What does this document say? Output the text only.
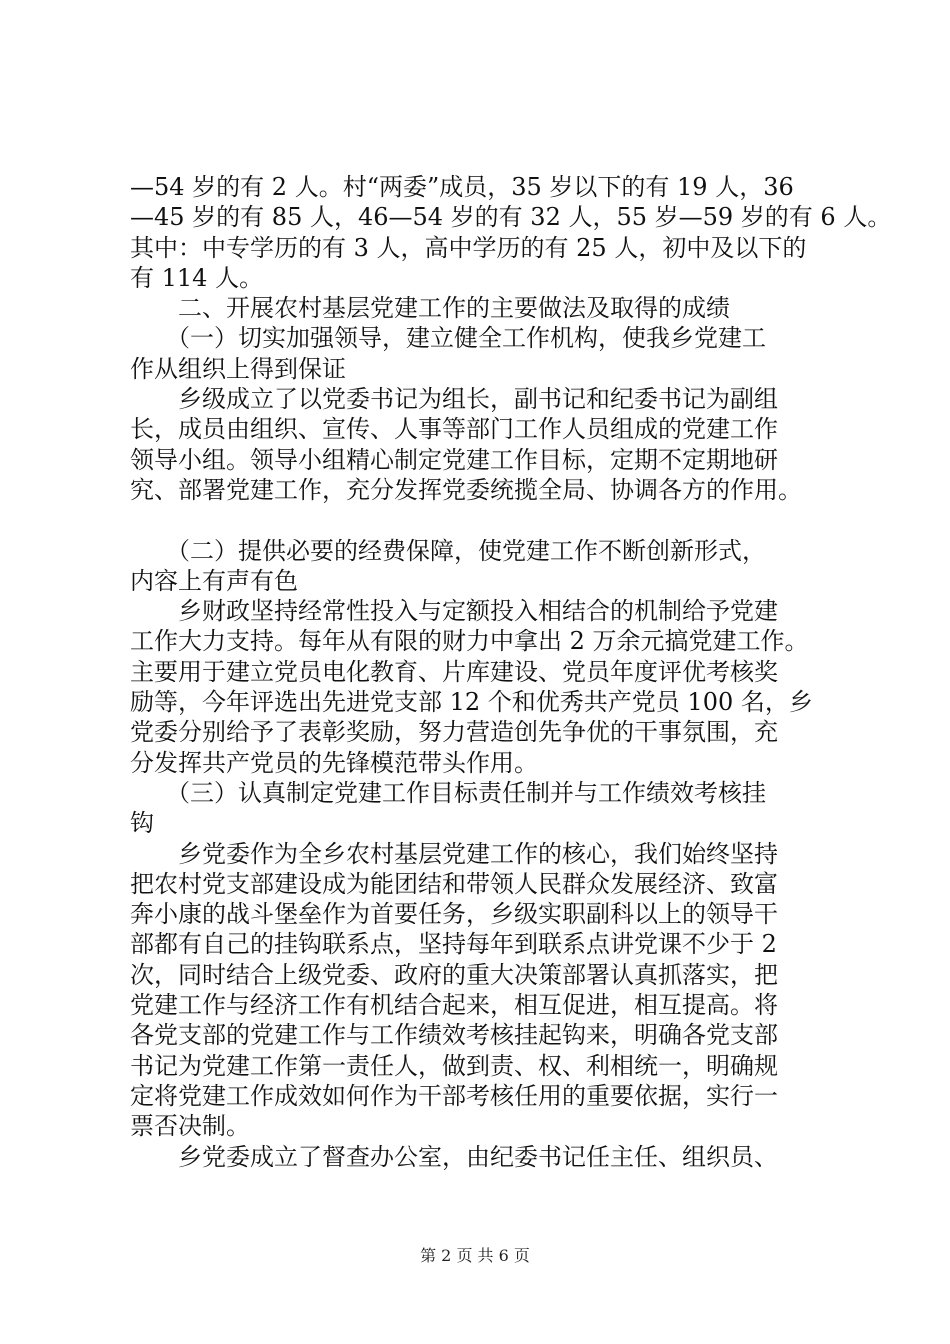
—54 岁的有 2 人。村“两委”成员，35 岁以下的有 19 人，36
—45 岁的有 85 人，46—54 岁的有 32 人，55 岁—59 岁的有 6 人。
其中：中专学历的有 3 人，高中学历的有 25 人，初中及以下的
有 114 人。
　　二、开展农村基层党建工作的主要做法及取得的成绩
　　（一）切实加强领导，建立健全工作机构，使我乡党建工
作从组织上得到保证
　　乡级成立了以党委书记为组长，副书记和纪委书记为副组
长，成员由组织、宣传、人事等部门工作人员组成的党建工作
领导小组。领导小组精心制定党建工作目标，定期不定期地研
究、部署党建工作，充分发挥党委统揽全局、协调各方的作用。
　　（二）提供必要的经费保障，使党建工作不断创新形式，
内容上有声有色
　　乡财政坚持经常性投入与定额投入相结合的机制给予党建
工作大力支持。每年从有限的财力中拿出 2 万余元搞党建工作。
主要用于建立党员电化教育、片库建设、党员年度评优考核奖
励等，今年评选出先进党支部 12 个和优秀共产党员 100 名，乡
党委分别给予了表彰奖励，努力营造创先争优的干事氛围，充
分发挥共产党员的先锋模范带头作用。
　　（三）认真制定党建工作目标责任制并与工作绩效考核挂
钩
　　乡党委作为全乡农村基层党建工作的核心，我们始终坚持
把农村党支部建设成为能团结和带领人民群众发展经济、致富
奔小康的战斗堡垒作为首要任务，乡级实职副科以上的领导干
部都有自己的挂钩联系点，坚持每年到联系点讲党课不少于 2
次，同时结合上级党委、政府的重大决策部署认真抓落实，把
党建工作与经济工作有机结合起来，相互促进，相互提高。将
各党支部的党建工作与工作绩效考核挂起钩来，明确各党支部
书记为党建工作第一责任人，做到责、权、利相统一，明确规
定将党建工作成效如何作为干部考核任用的重要依据，实行一
票否决制。
　　乡党委成立了督查办公室，由纪委书记任主任、组织员、
第 2 页 共 6 页
